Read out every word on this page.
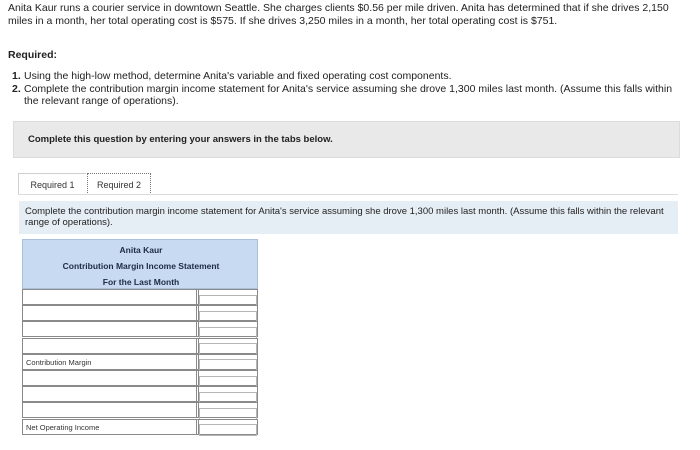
Anita Kaur runs a courier service in downtown Seattle. She charges clients $0.56 per mile driven. Anita has determined that if she drives 2,150 miles in a month, her total operating cost is $575. If she drives 3,250 miles in a month, her total operating cost is $751.
Required:
1. Using the high-low method, determine Anita's variable and fixed operating cost components.
2. Complete the contribution margin income statement for Anita's service assuming she drove 1,300 miles last month. (Assume this falls within the relevant range of operations).
Complete this question by entering your answers in the tabs below.
Required 1	Required 2
Complete the contribution margin income statement for Anita's service assuming she drove 1,300 miles last month. (Assume this falls within the relevant range of operations).
Anita Kaur
Contribution Margin Income Statement
For the Last Month
Contribution Margin
Net Operating Income
